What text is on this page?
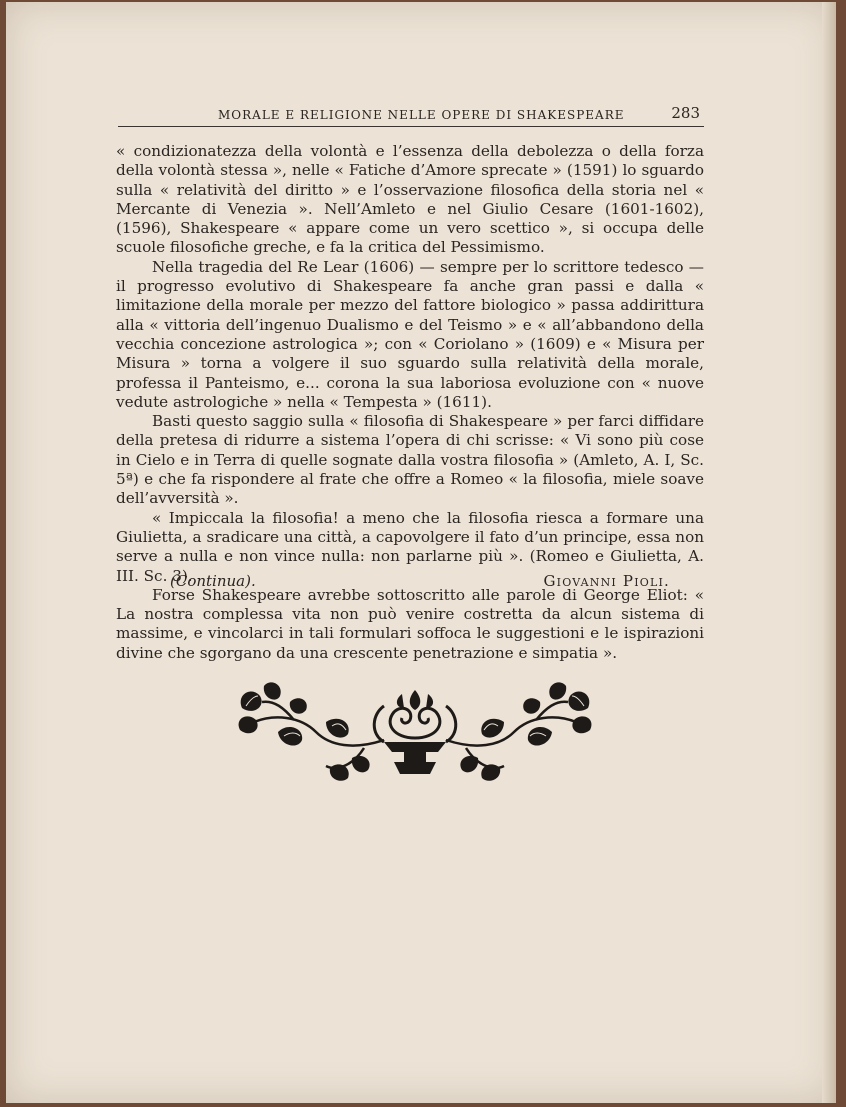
MORALE E RELIGIONE NELLE OPERE DI SHAKESPEARE	283

« condizionatezza della volontà e l’essenza della debolezza o della forza della volontà stessa », nelle « Fatiche d’Amore sprecate » (1591) lo sguardo sulla « relatività del diritto » e l’osservazione filosofica della storia nel « Mercante di Venezia ». Nell’Amleto e nel Giulio Cesare (1601-1602), (1596), Shakespeare « appare come un vero scettico », si occupa delle scuole filosofiche greche, e fa la critica del Pessimismo.

Nella tragedia del Re Lear (1606) — sempre per lo scrittore tedesco — il progresso evolutivo di Shakespeare fa anche gran passi e dalla « limitazione della morale per mezzo del fattore biologico » passa addirittura alla « vittoria dell’ingenuo Dualismo e del Teismo » e « all’abbandono della vecchia concezione astrologica »; con « Coriolano » (1609) e « Misura per Misura » torna a volgere il suo sguardo sulla relatività della morale, professa il Panteismo, e... corona la sua laboriosa evoluzione con « nuove vedute astrologiche » nella « Tempesta » (1611).

Basti questo saggio sulla « filosofia di Shakespeare » per farci diffidare della pretesa di ridurre a sistema l’opera di chi scrisse: « Vi sono più cose in Cielo e in Terra di quelle sognate dalla vostra filosofia » (Amleto, A. I, Sc. 5ª) e che fa rispondere al frate che offre a Romeo « la filosofia, miele soave dell’avversità ».

« Impiccala la filosofia! a meno che la filosofia riesca a formare una Giulietta, a sradicare una città, a capovolgere il fato d’un principe, essa non serve a nulla e non vince nulla: non parlarne più ». (Romeo e Giulietta, A. III. Sc. 3).

Forse Shakespeare avrebbe sottoscritto alle parole di George Eliot: « La nostra complessa vita non può venire costretta da alcun sistema di massime, e vincolarci in tali formulari soffoca le suggestioni e le ispirazioni divine che sgorgano da una crescente penetrazione e simpatia ».

(Continua).	Giovanni Pioli.
